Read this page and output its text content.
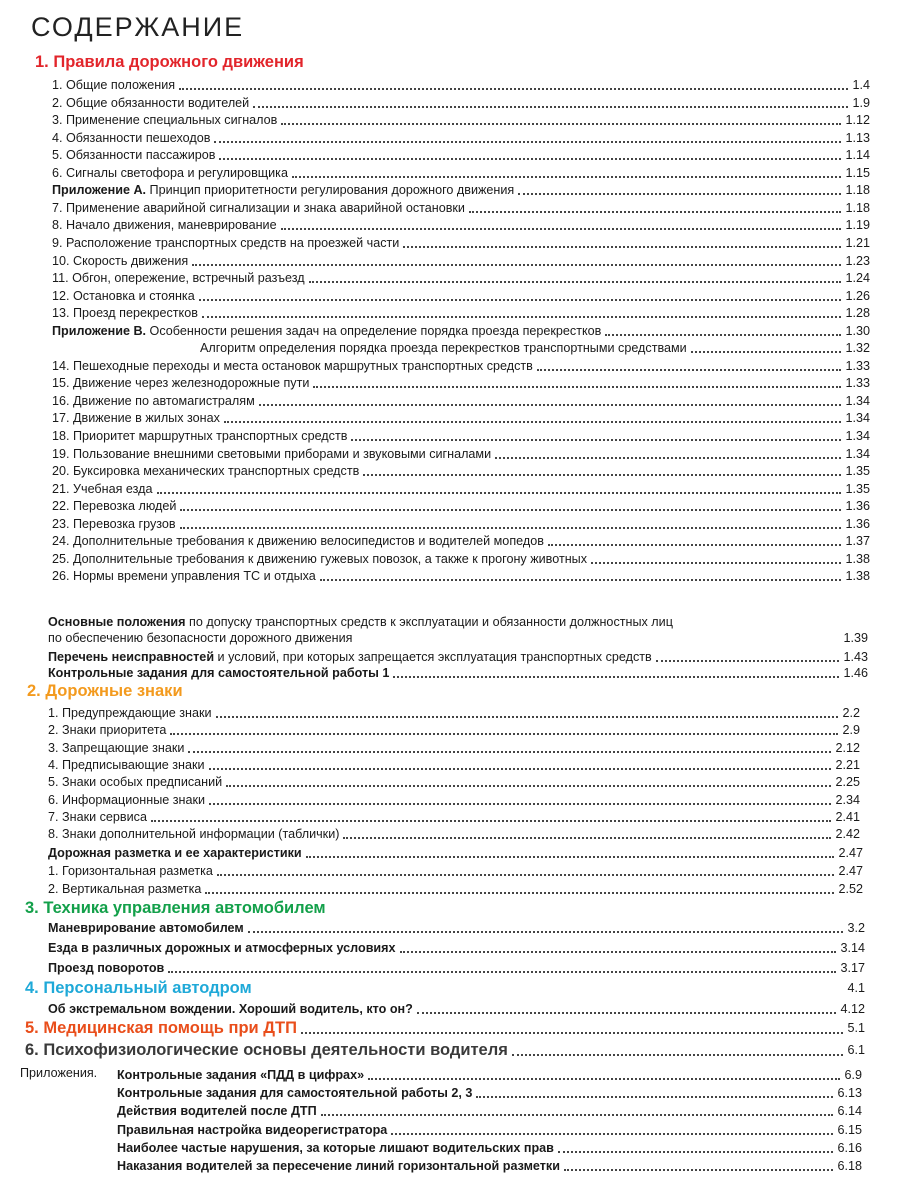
СОДЕРЖАНИЕ
1. Правила дорожного движения
1. Общие положения	1.4
2. Общие обязанности водителей	1.9
3. Применение специальных сигналов	1.12
4. Обязанности пешеходов	1.13
5. Обязанности пассажиров	1.14
6. Сигналы светофора и регулировщика	1.15
Приложение А. Принцип приоритетности регулирования дорожного движения	1.18
7. Применение аварийной сигнализации и знака аварийной остановки	1.18
8. Начало движения, маневрирование	1.19
9. Расположение транспортных средств на проезжей части	1.21
10. Скорость движения	1.23
11. Обгон, опережение, встречный разъезд	1.24
12. Остановка и стоянка	1.26
13. Проезд перекрестков	1.28
Приложение В. Особенности решения задач на определение порядка проезда перекрестков	1.30
Алгоритм определения порядка проезда перекрестков транспортными средствами	1.32
14. Пешеходные переходы и места остановок маршрутных транспортных средств	1.33
15. Движение через железнодорожные пути	1.33
16. Движение по автомагистралям	1.34
17. Движение в жилых зонах	1.34
18. Приоритет маршрутных транспортных средств	1.34
19. Пользование внешними световыми приборами и звуковыми сигналами	1.34
20. Буксировка механических транспортных средств	1.35
21. Учебная езда	1.35
22. Перевозка людей	1.36
23. Перевозка грузов	1.36
24. Дополнительные требования к движению велосипедистов и водителей мопедов	1.37
25. Дополнительные требования к движению гужевых повозок, а также к прогону животных	1.38
26. Нормы времени управления ТС и отдыха	1.38
Основные положения по допуску транспортных средств к эксплуатации и обязанности должностных лиц
по обеспечению безопасности дорожного движения	1.39
Перечень неисправностей и условий, при которых запрещается эксплуатация транспортных средств	1.43
Контрольные задания для самостоятельной работы 1	1.46
2. Дорожные знаки
1. Предупреждающие знаки	2.2
2. Знаки приоритета	2.9
3. Запрещающие знаки	2.12
4. Предписывающие знаки	2.21
5. Знаки особых предписаний	2.25
6. Информационные знаки	2.34
7. Знаки сервиса	2.41
8. Знаки дополнительной информации (таблички)	2.42
Дорожная разметка и ее характеристики	2.47
1. Горизонтальная разметка	2.47
2. Вертикальная разметка	2.52
3. Техника управления автомобилем
Маневрирование автомобилем	3.2
Езда в различных дорожных и атмосферных условиях	3.14
Проезд поворотов	3.17
4. Персональный автодром	4.1
Об экстремальном вождении. Хороший водитель, кто он?	4.12
5. Медицинская помощь при ДТП	5.1
6. Психофизиологические основы деятельности водителя	6.1
Приложения. Контрольные задания «ПДД в цифрах»	6.9
Контрольные задания для самостоятельной работы 2, 3	6.13
Действия водителей после ДТП	6.14
Правильная настройка видеорегистратора	6.15
Наиболее частые нарушения, за которые лишают водительских прав	6.16
Наказания водителей за пересечение линий горизонтальной разметки	6.18
